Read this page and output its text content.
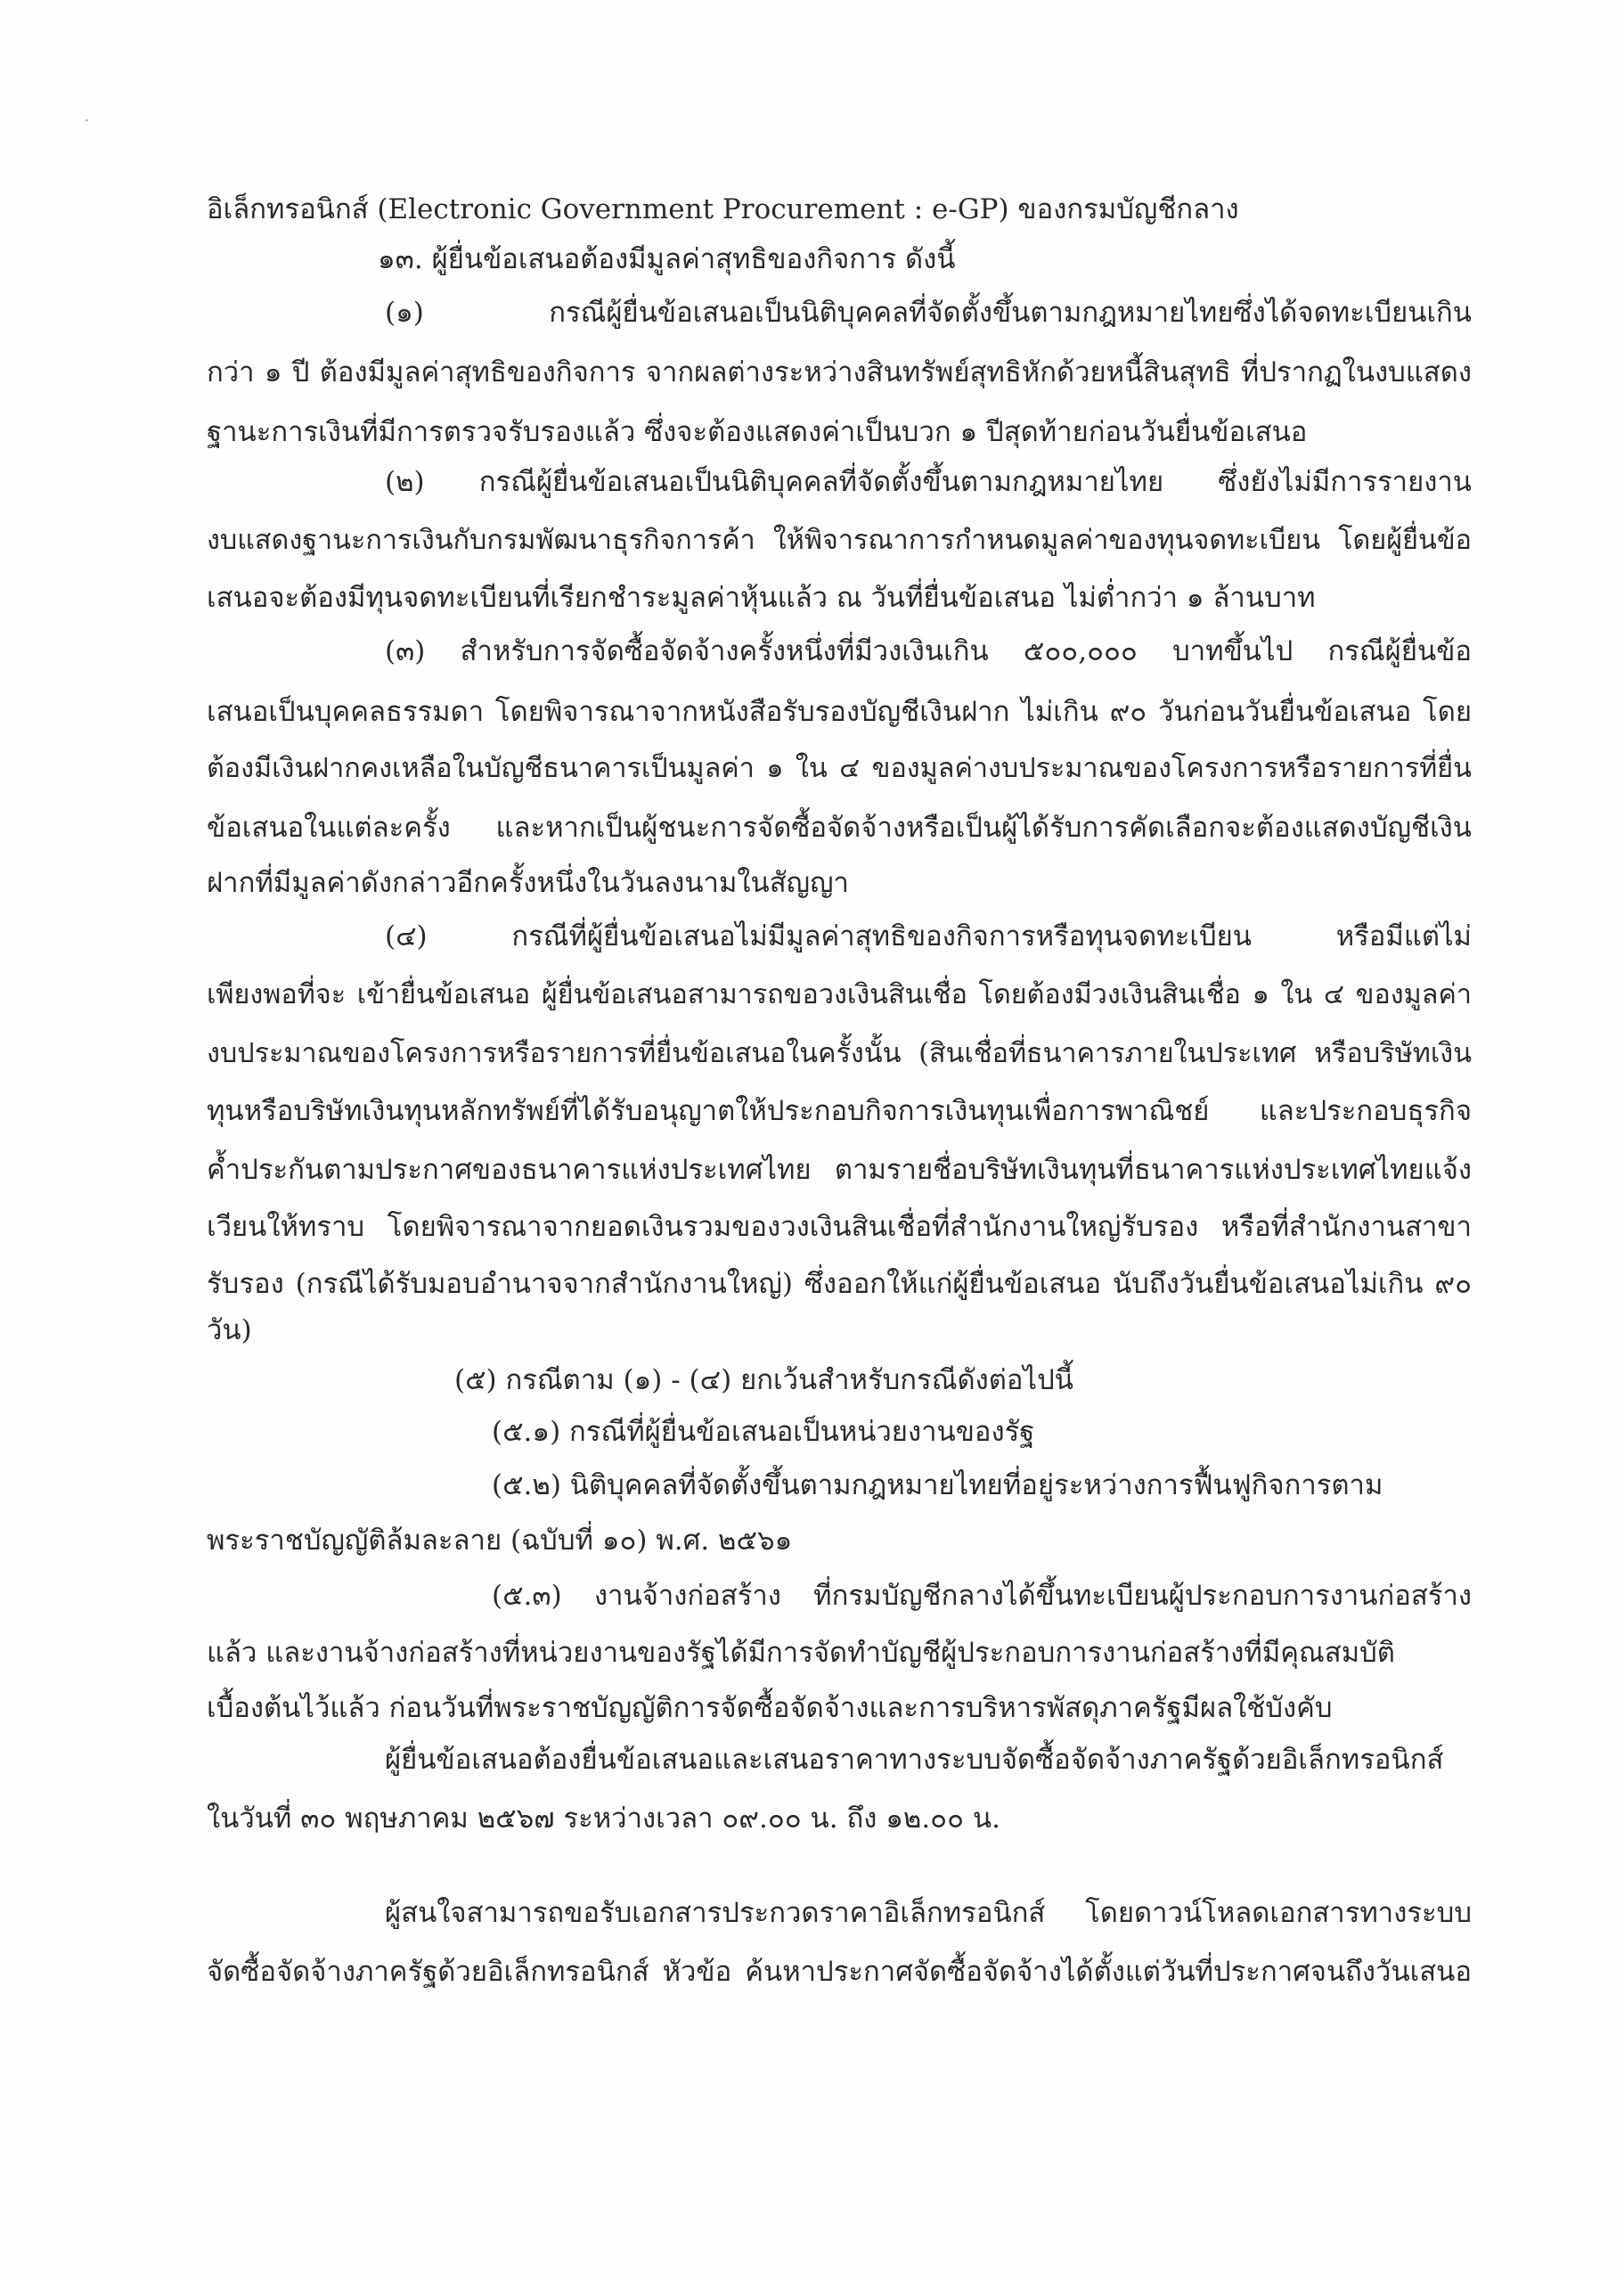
อิเล็กทรอนิกส์ (Electronic Government Procurement : e-GP) ของกรมบัญชีกลาง
๑๓. ผู้ยื่นข้อเสนอต้องมีมูลค่าสุทธิของกิจการ ดังนี้
(๑) กรณีผู้ยื่นข้อเสนอเป็นนิติบุคคลที่จัดตั้งขึ้นตามกฎหมายไทยซึ่งได้จดทะเบียนเกิน
กว่า ๑ ปี ต้องมีมูลค่าสุทธิของกิจการ จากผลต่างระหว่างสินทรัพย์สุทธิหักด้วยหนี้สินสุทธิ ที่ปรากฏในงบแสดง
ฐานะการเงินที่มีการตรวจรับรองแล้ว ซึ่งจะต้องแสดงค่าเป็นบวก ๑ ปีสุดท้ายก่อนวันยื่นข้อเสนอ
(๒) กรณีผู้ยื่นข้อเสนอเป็นนิติบุคคลที่จัดตั้งขึ้นตามกฎหมายไทย ซึ่งยังไม่มีการรายงาน
งบแสดงฐานะการเงินกับกรมพัฒนาธุรกิจการค้า ให้พิจารณาการกำหนดมูลค่าของทุนจดทะเบียน โดยผู้ยื่นข้อ
เสนอจะต้องมีทุนจดทะเบียนที่เรียกชำระมูลค่าหุ้นแล้ว ณ วันที่ยื่นข้อเสนอ ไม่ต่ำกว่า ๑ ล้านบาท
(๓) สำหรับการจัดซื้อจัดจ้างครั้งหนึ่งที่มีวงเงินเกิน ๕๐๐,๐๐๐ บาทขึ้นไป กรณีผู้ยื่นข้อ
เสนอเป็นบุคคลธรรมดา โดยพิจารณาจากหนังสือรับรองบัญชีเงินฝาก ไม่เกิน ๙๐ วันก่อนวันยื่นข้อเสนอ โดย
ต้องมีเงินฝากคงเหลือในบัญชีธนาคารเป็นมูลค่า ๑ ใน ๔ ของมูลค่างบประมาณของโครงการหรือรายการที่ยื่น
ข้อเสนอในแต่ละครั้ง และหากเป็นผู้ชนะการจัดซื้อจัดจ้างหรือเป็นผู้ได้รับการคัดเลือกจะต้องแสดงบัญชีเงิน
ฝากที่มีมูลค่าดังกล่าวอีกครั้งหนึ่งในวันลงนามในสัญญา
(๔) กรณีที่ผู้ยื่นข้อเสนอไม่มีมูลค่าสุทธิของกิจการหรือทุนจดทะเบียน หรือมีแต่ไม่
เพียงพอที่จะ เข้ายื่นข้อเสนอ ผู้ยื่นข้อเสนอสามารถขอวงเงินสินเชื่อ โดยต้องมีวงเงินสินเชื่อ ๑ ใน ๔ ของมูลค่า
งบประมาณของโครงการหรือรายการที่ยื่นข้อเสนอในครั้งนั้น (สินเชื่อที่ธนาคารภายในประเทศ หรือบริษัทเงิน
ทุนหรือบริษัทเงินทุนหลักทรัพย์ที่ได้รับอนุญาตให้ประกอบกิจการเงินทุนเพื่อการพาณิชย์ และประกอบธุรกิจ
ค้ำประกันตามประกาศของธนาคารแห่งประเทศไทย ตามรายชื่อบริษัทเงินทุนที่ธนาคารแห่งประเทศไทยแจ้ง
เวียนให้ทราบ โดยพิจารณาจากยอดเงินรวมของวงเงินสินเชื่อที่สำนักงานใหญ่รับรอง หรือที่สำนักงานสาขา
รับรอง (กรณีได้รับมอบอำนาจจากสำนักงานใหญ่) ซึ่งออกให้แก่ผู้ยื่นข้อเสนอ นับถึงวันยื่นข้อเสนอไม่เกิน ๙๐
วัน)
(๕) กรณีตาม (๑) - (๔) ยกเว้นสำหรับกรณีดังต่อไปนี้
(๕.๑) กรณีที่ผู้ยื่นข้อเสนอเป็นหน่วยงานของรัฐ
(๕.๒) นิติบุคคลที่จัดตั้งขึ้นตามกฎหมายไทยที่อยู่ระหว่างการฟื้นฟูกิจการตาม
พระราชบัญญัติล้มละลาย (ฉบับที่ ๑๐) พ.ศ. ๒๕๖๑
(๕.๓) งานจ้างก่อสร้าง ที่กรมบัญชีกลางได้ขึ้นทะเบียนผู้ประกอบการงานก่อสร้าง
แล้ว และงานจ้างก่อสร้างที่หน่วยงานของรัฐได้มีการจัดทำบัญชีผู้ประกอบการงานก่อสร้างที่มีคุณสมบัติ
เบื้องต้นไว้แล้ว ก่อนวันที่พระราชบัญญัติการจัดซื้อจัดจ้างและการบริหารพัสดุภาครัฐมีผลใช้บังคับ
ผู้ยื่นข้อเสนอต้องยื่นข้อเสนอและเสนอราคาทางระบบจัดซื้อจัดจ้างภาครัฐด้วยอิเล็กทรอนิกส์
ในวันที่ ๓๐ พฤษภาคม ๒๕๖๗ ระหว่างเวลา ๐๙.๐๐ น. ถึง ๑๒.๐๐ น.
ผู้สนใจสามารถขอรับเอกสารประกวดราคาอิเล็กทรอนิกส์ โดยดาวน์โหลดเอกสารทางระบบ
จัดซื้อจัดจ้างภาครัฐด้วยอิเล็กทรอนิกส์ หัวข้อ ค้นหาประกาศจัดซื้อจัดจ้างได้ตั้งแต่วันที่ประกาศจนถึงวันเสนอ
